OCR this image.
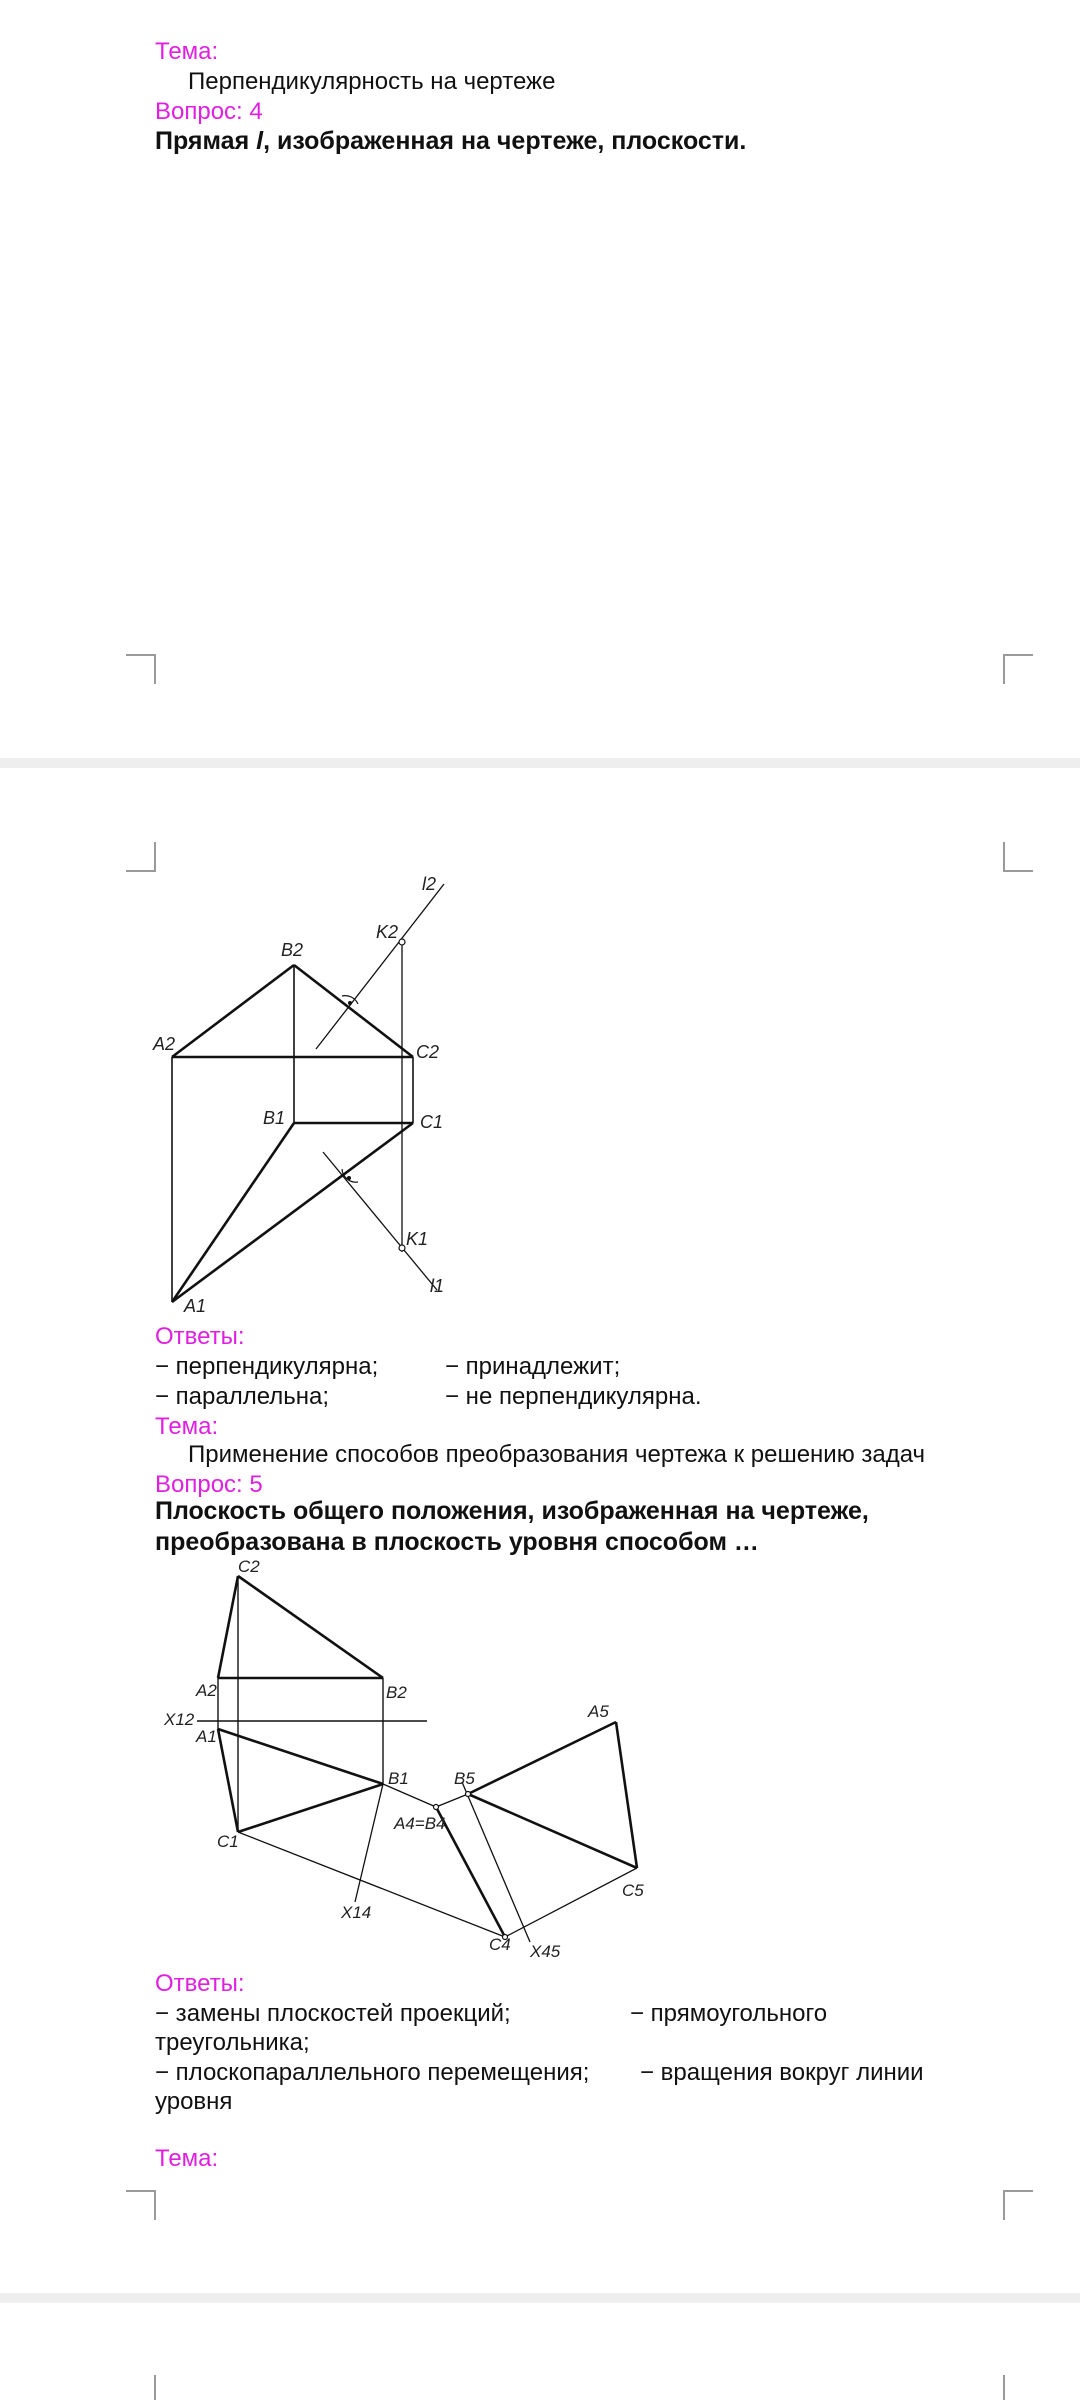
Тема:
Перпендикулярность на чертеже
Вопрос: 4
Прямая l, изображенная на чертеже, плоскости.
l2
K2
B2
A2	C2
B1	C1
K1
l1
A1
Ответы:
− перпендикулярна;	− принадлежит;
− параллельна;	− не перпендикулярна.
Тема:
Применение способов преобразования чертежа к решению задач
Вопрос: 5
Плоскость общего положения, изображенная на чертеже,
преобразована в плоскость уровня способом …
C2
A2	B2
X12
A1
B1	B5
A5
A4=B4
C1
C5
X14
C4 X45
Ответы:
− замены плоскостей проекций;	− прямоугольного
треугольника;
− плоскопараллельного перемещения; − вращения вокруг линии
уровня
Тема:
